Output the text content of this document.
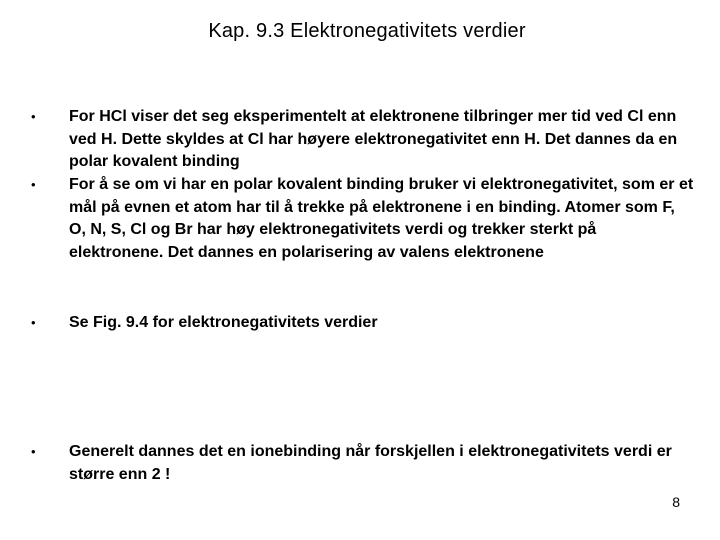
Kap. 9.3 Elektronegativitets verdier
• For HCl viser det seg eksperimentelt at elektronene tilbringer mer tid ved Cl enn ved H. Dette skyldes at Cl har høyere elektronegativitet enn H. Det dannes da en polar kovalent binding
• For å se om vi har en polar kovalent binding bruker vi elektronegativitet, som er et mål på evnen et atom har til å trekke på elektronene i en binding. Atomer som F, O, N, S, Cl og Br har høy elektronegativitets verdi og trekker sterkt på elektronene. Det dannes en polarisering av valens elektronene
• Se Fig. 9.4 for elektronegativitets verdier
• Generelt dannes det en ionebinding når forskjellen i elektronegativitets verdi er større enn 2 !
8
